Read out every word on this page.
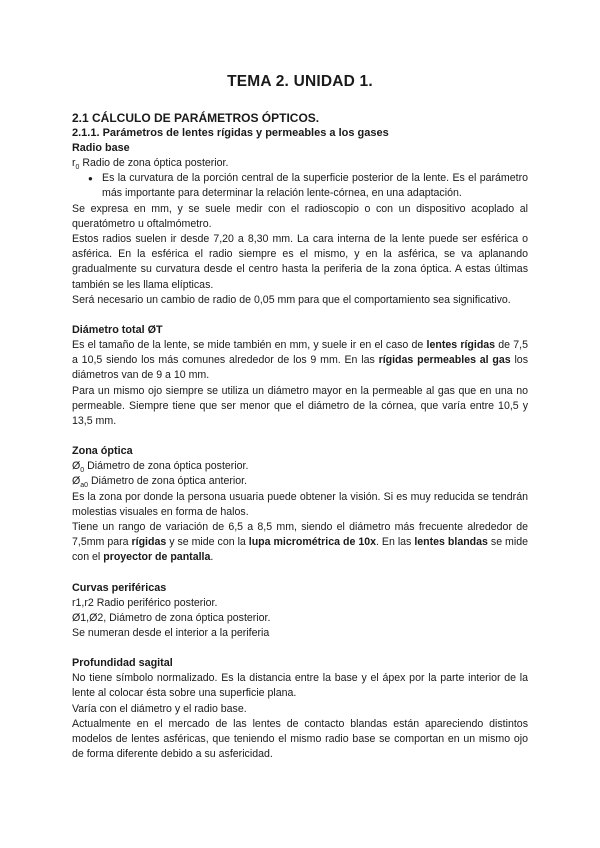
TEMA 2. UNIDAD 1.

2.1 CÁLCULO DE PARÁMETROS ÓPTICOS.

2.1.1. Parámetros de lentes rígidas y permeables a los gases

Radio base

$r_0$ Radio de zona óptica posterior.

● Es la curvatura de la porción central de la superficie posterior de la lente. Es el parámetro más importante para determinar la relación lente-córnea, en una adaptación.

Se expresa en mm, y se suele medir con el radioscopio o con un dispositivo acoplado al queratómetro u oftalmómetro.

Estos radios suelen ir desde 7,20 a 8,30 mm. La cara interna de la lente puede ser esférica o asférica. En la esférica el radio siempre es el mismo, y en la asférica, se va aplanando gradualmente su curvatura desde el centro hasta la periferia de la zona óptica. A estas últimas también se les llama elípticas.

Será necesario un cambio de radio de 0,05 mm para que el comportamiento sea significativo.

Diámetro total ØT

Es el tamaño de la lente, se mide también en mm, y suele ir en el caso de lentes rígidas de 7,5 a 10,5 siendo los más comunes alrededor de los 9 mm. En las rígidas permeables al gas los diámetros van de 9 a 10 mm.

Para un mismo ojo siempre se utiliza un diámetro mayor en la permeable al gas que en una no permeable. Siempre tiene que ser menor que el diámetro de la córnea, que varía entre 10,5 y 13,5 mm.

Zona óptica

$Ø_0$ Diámetro de zona óptica posterior.

$Ø_{a0}$ Diámetro de zona óptica anterior.

Es la zona por donde la persona usuaria puede obtener la visión. Si es muy reducida se tendrán molestias visuales en forma de halos.

Tiene un rango de variación de 6,5 a 8,5 mm, siendo el diámetro más frecuente alrededor de 7,5mm para rígidas y se mide con la lupa micrométrica de 10x. En las lentes blandas se mide con el proyector de pantalla.

Curvas periféricas

r1,r2 Radio periférico posterior.

Ø1,Ø2, Diámetro de zona óptica posterior.

Se numeran desde el interior a la periferia

Profundidad sagital

No tiene símbolo normalizado. Es la distancia entre la base y el ápex por la parte interior de la lente al colocar ésta sobre una superficie plana.

Varía con el diámetro y el radio base.

Actualmente en el mercado de las lentes de contacto blandas están apareciendo distintos modelos de lentes asféricas, que teniendo el mismo radio base se comportan en un mismo ojo de forma diferente debido a su asfericidad.
